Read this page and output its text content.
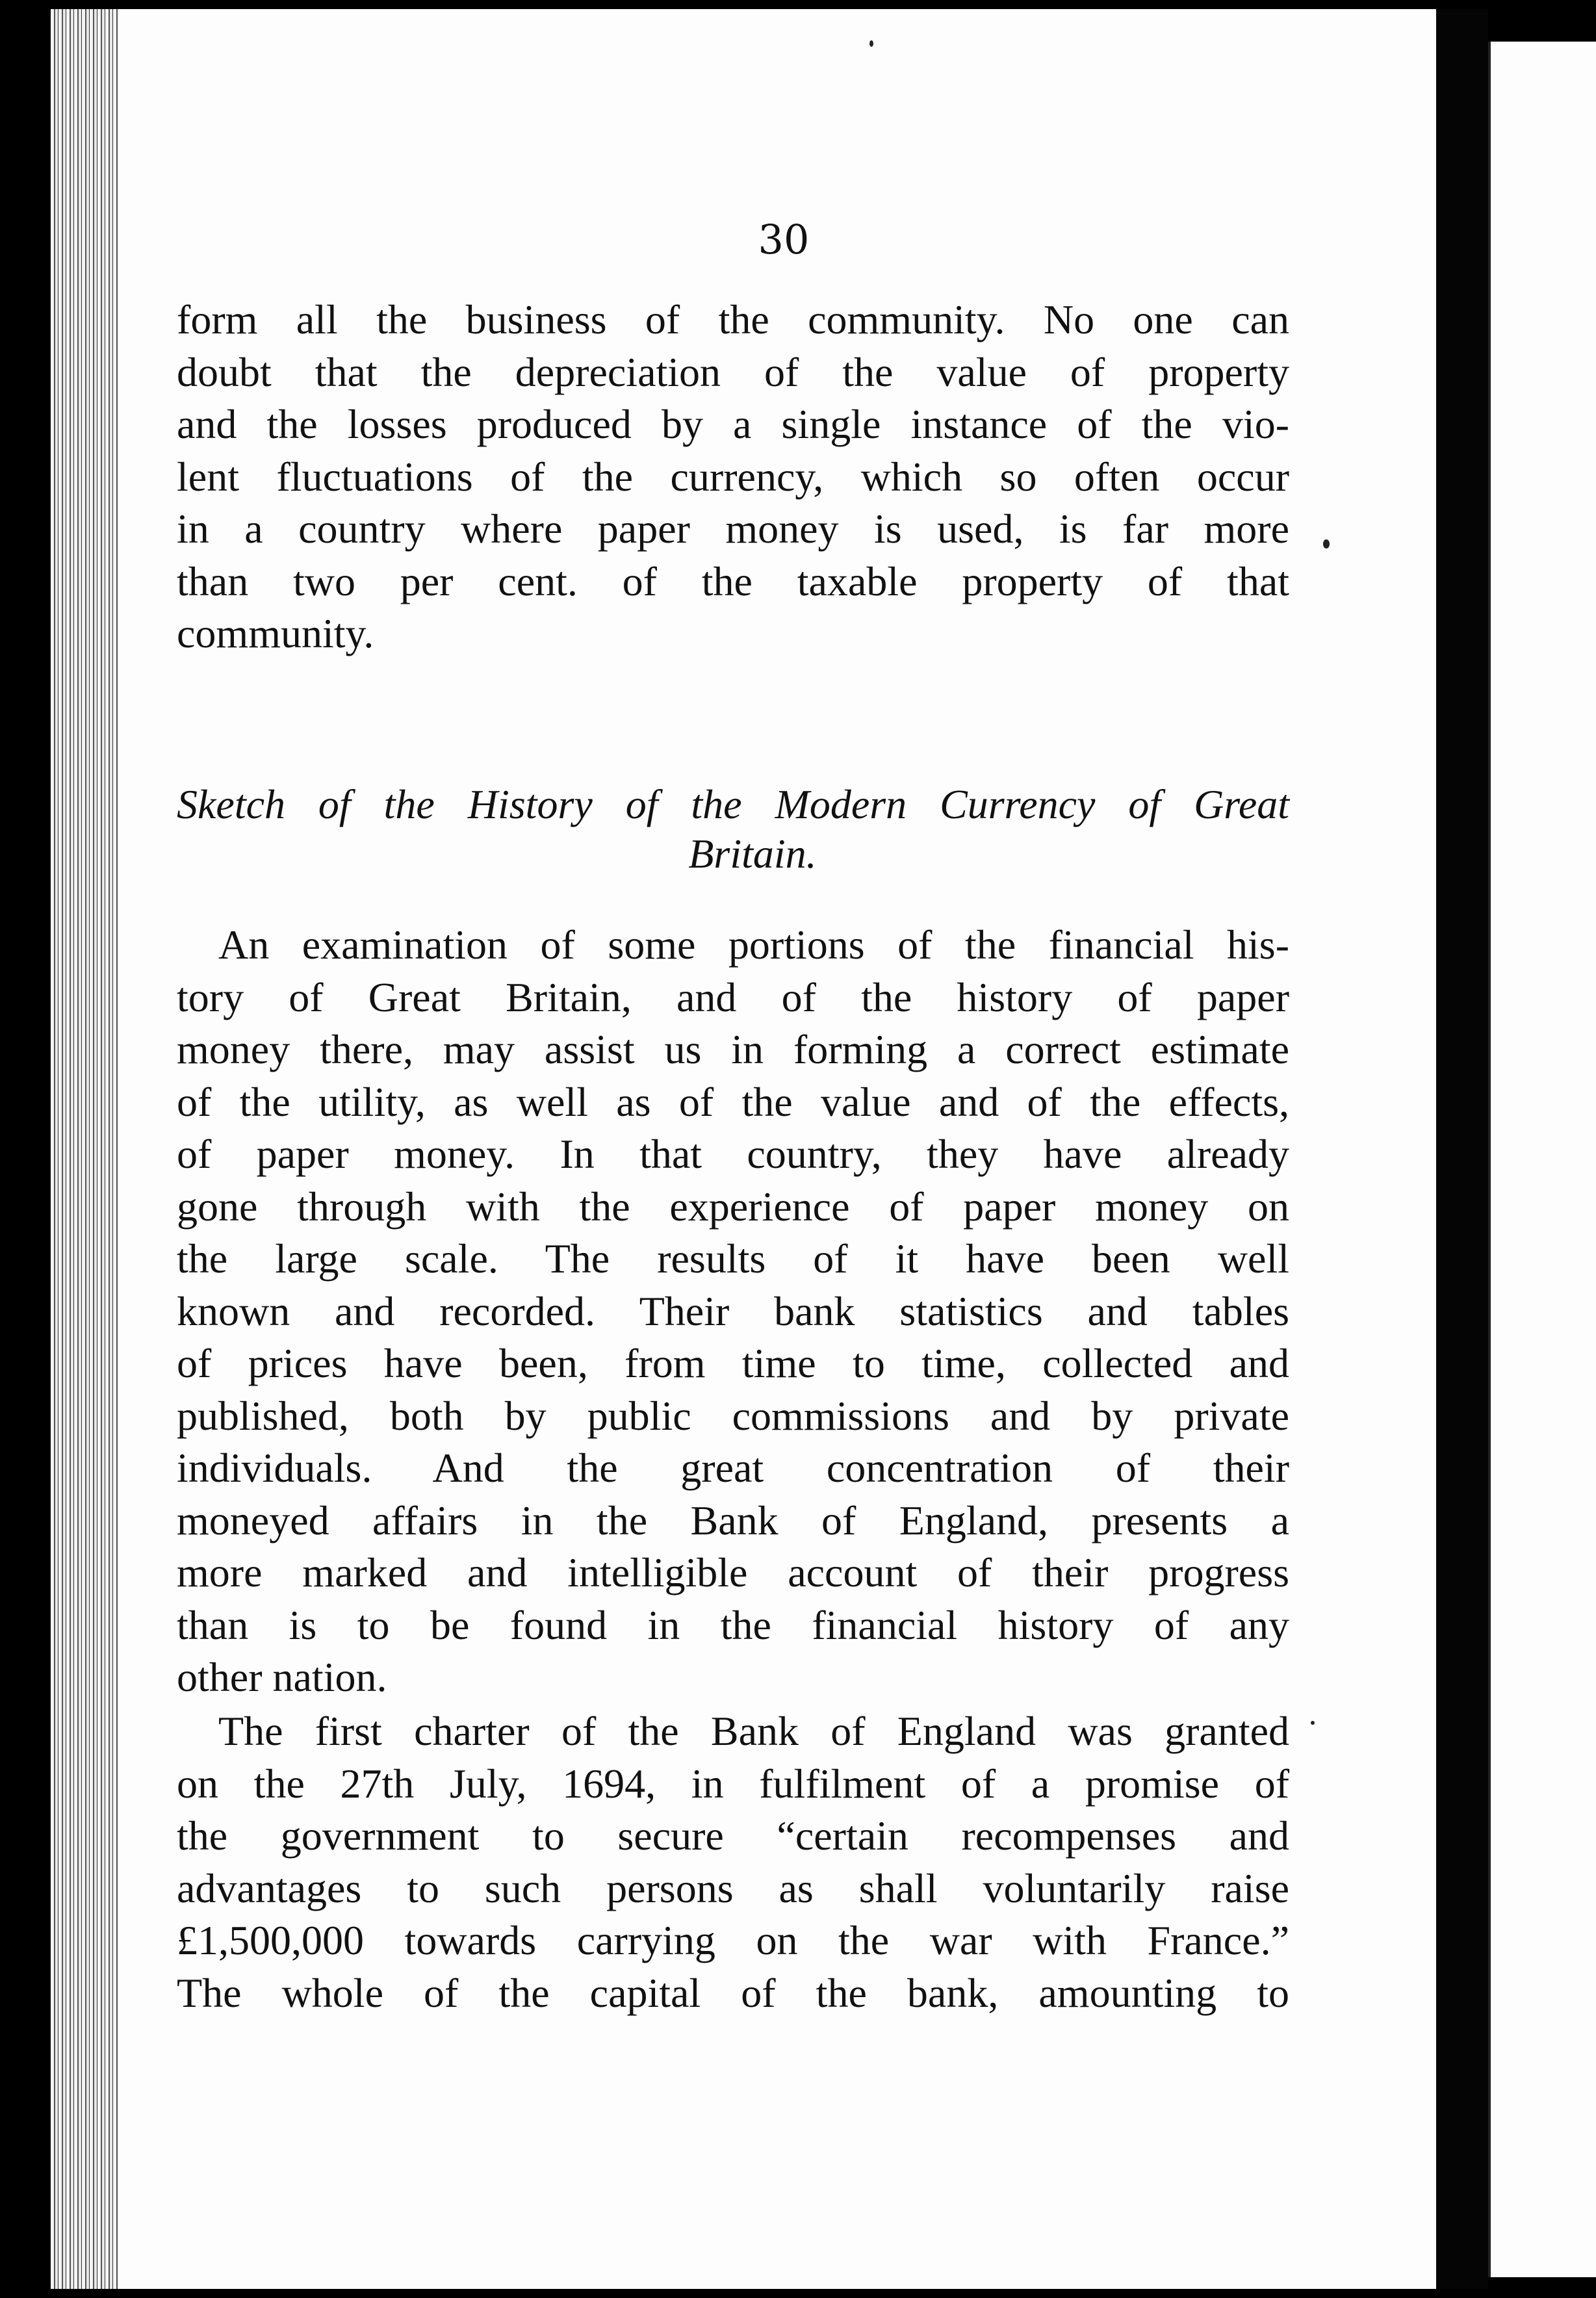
30
form all the business of the community. No one can
doubt that the depreciation of the value of property
and the losses produced by a single instance of the vio-
lent fluctuations of the currency, which so often occur
in a country where paper money is used, is far more
than two per cent. of the taxable property of that
community.
Sketch of the History of the Modern Currency of Great
Britain.
An examination of some portions of the financial his-
tory of Great Britain, and of the history of paper
money there, may assist us in forming a correct estimate
of the utility, as well as of the value and of the effects,
of paper money. In that country, they have already
gone through with the experience of paper money on
the large scale. The results of it have been well
known and recorded. Their bank statistics and tables
of prices have been, from time to time, collected and
published, both by public commissions and by private
individuals. And the great concentration of their
moneyed affairs in the Bank of England, presents a
more marked and intelligible account of their progress
than is to be found in the financial history of any
other nation.
The first charter of the Bank of England was granted
on the 27th July, 1694, in fulfilment of a promise of
the government to secure “certain recompenses and
advantages to such persons as shall voluntarily raise
£1,500,000 towards carrying on the war with France.”
The whole of the capital of the bank, amounting to
